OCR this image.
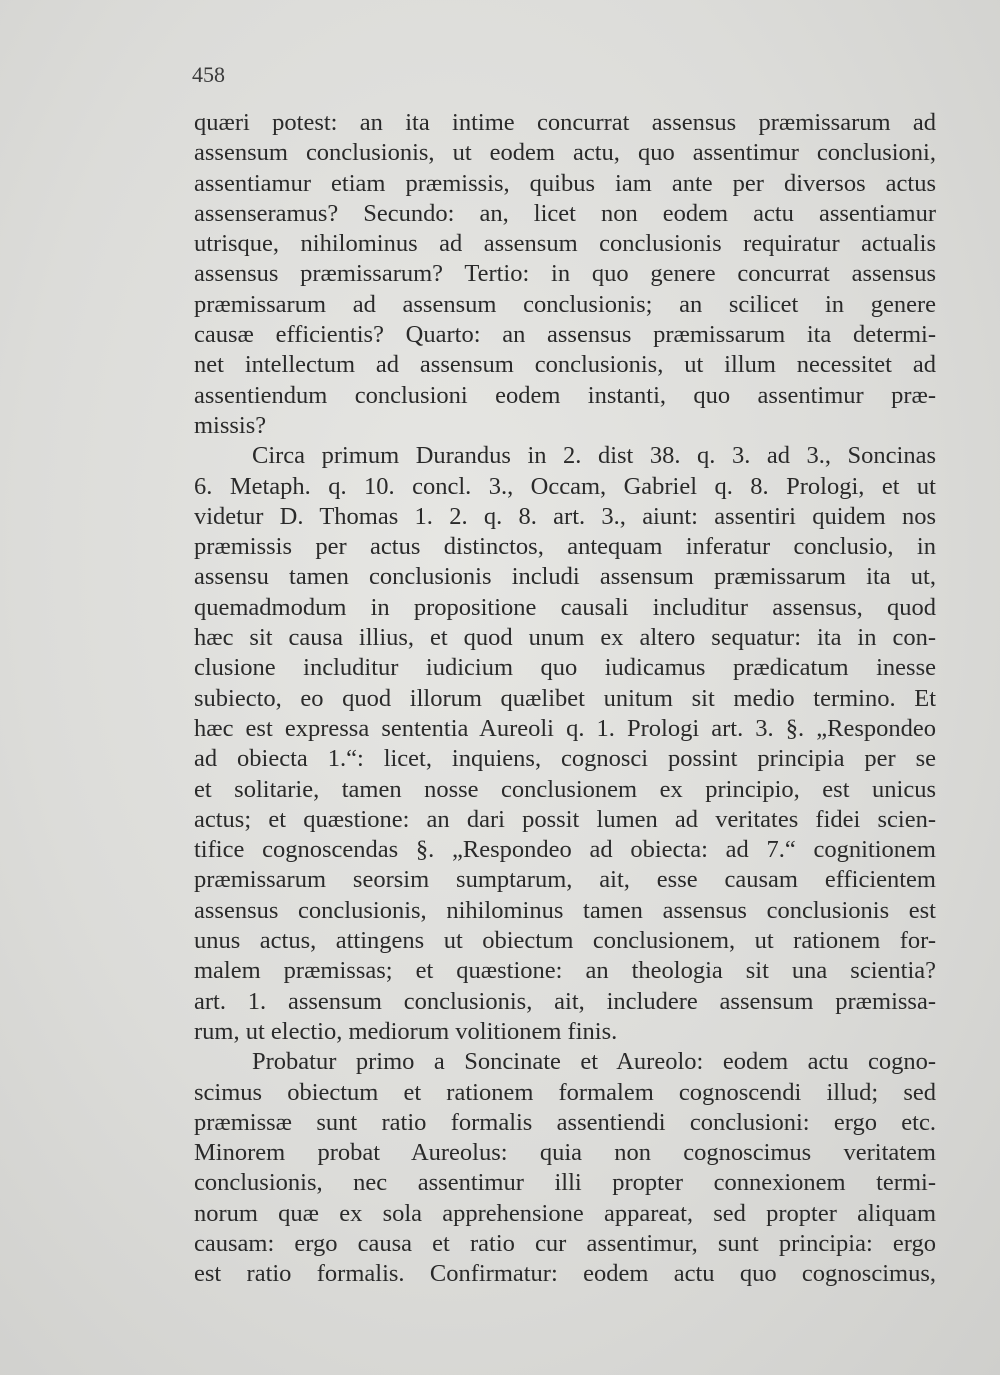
458
quæri potest: an ita intime concurrat assensus præmissarum ad
assensum conclusionis, ut eodem actu, quo assentimur conclusioni,
assentiamur etiam præmissis, quibus iam ante per diversos actus
assenseramus? Secundo: an, licet non eodem actu assentiamur
utrisque, nihilominus ad assensum conclusionis requiratur actualis
assensus præmissarum? Tertio: in quo genere concurrat assensus
præmissarum ad assensum conclusionis; an scilicet in genere
causæ efficientis? Quarto: an assensus præmissarum ita determi-
net intellectum ad assensum conclusionis, ut illum necessitet ad
assentiendum conclusioni eodem instanti, quo assentimur præ-
missis?
Circa primum Durandus in 2. dist 38. q. 3. ad 3., Soncinas
6. Metaph. q. 10. concl. 3., Occam, Gabriel q. 8. Prologi, et ut
videtur D. Thomas 1. 2. q. 8. art. 3., aiunt: assentiri quidem nos
præmissis per actus distinctos, antequam inferatur conclusio, in
assensu tamen conclusionis includi assensum præmissarum ita ut,
quemadmodum in propositione causali includitur assensus, quod
hæc sit causa illius, et quod unum ex altero sequatur: ita in con-
clusione includitur iudicium quo iudicamus prædicatum inesse
subiecto, eo quod illorum quælibet unitum sit medio termino. Et
hæc est expressa sententia Aureoli q. 1. Prologi art. 3. §. „Respondeo
ad obiecta 1.“: licet, inquiens, cognosci possint principia per se
et solitarie, tamen nosse conclusionem ex principio, est unicus
actus; et quæstione: an dari possit lumen ad veritates fidei scien-
tifice cognoscendas §. „Respondeo ad obiecta: ad 7.“ cognitionem
præmissarum seorsim sumptarum, ait, esse causam efficientem
assensus conclusionis, nihilominus tamen assensus conclusionis est
unus actus, attingens ut obiectum conclusionem, ut rationem for-
malem præmissas; et quæstione: an theologia sit una scientia?
art. 1. assensum conclusionis, ait, includere assensum præmissa-
rum, ut electio, mediorum volitionem finis.
Probatur primo a Soncinate et Aureolo: eodem actu cogno-
scimus obiectum et rationem formalem cognoscendi illud; sed
præmissæ sunt ratio formalis assentiendi conclusioni: ergo etc.
Minorem probat Aureolus: quia non cognoscimus veritatem
conclusionis, nec assentimur illi propter connexionem termi-
norum quæ ex sola apprehensione appareat, sed propter aliquam
causam: ergo causa et ratio cur assentimur, sunt principia: ergo
est ratio formalis. Confirmatur: eodem actu quo cognoscimus,
